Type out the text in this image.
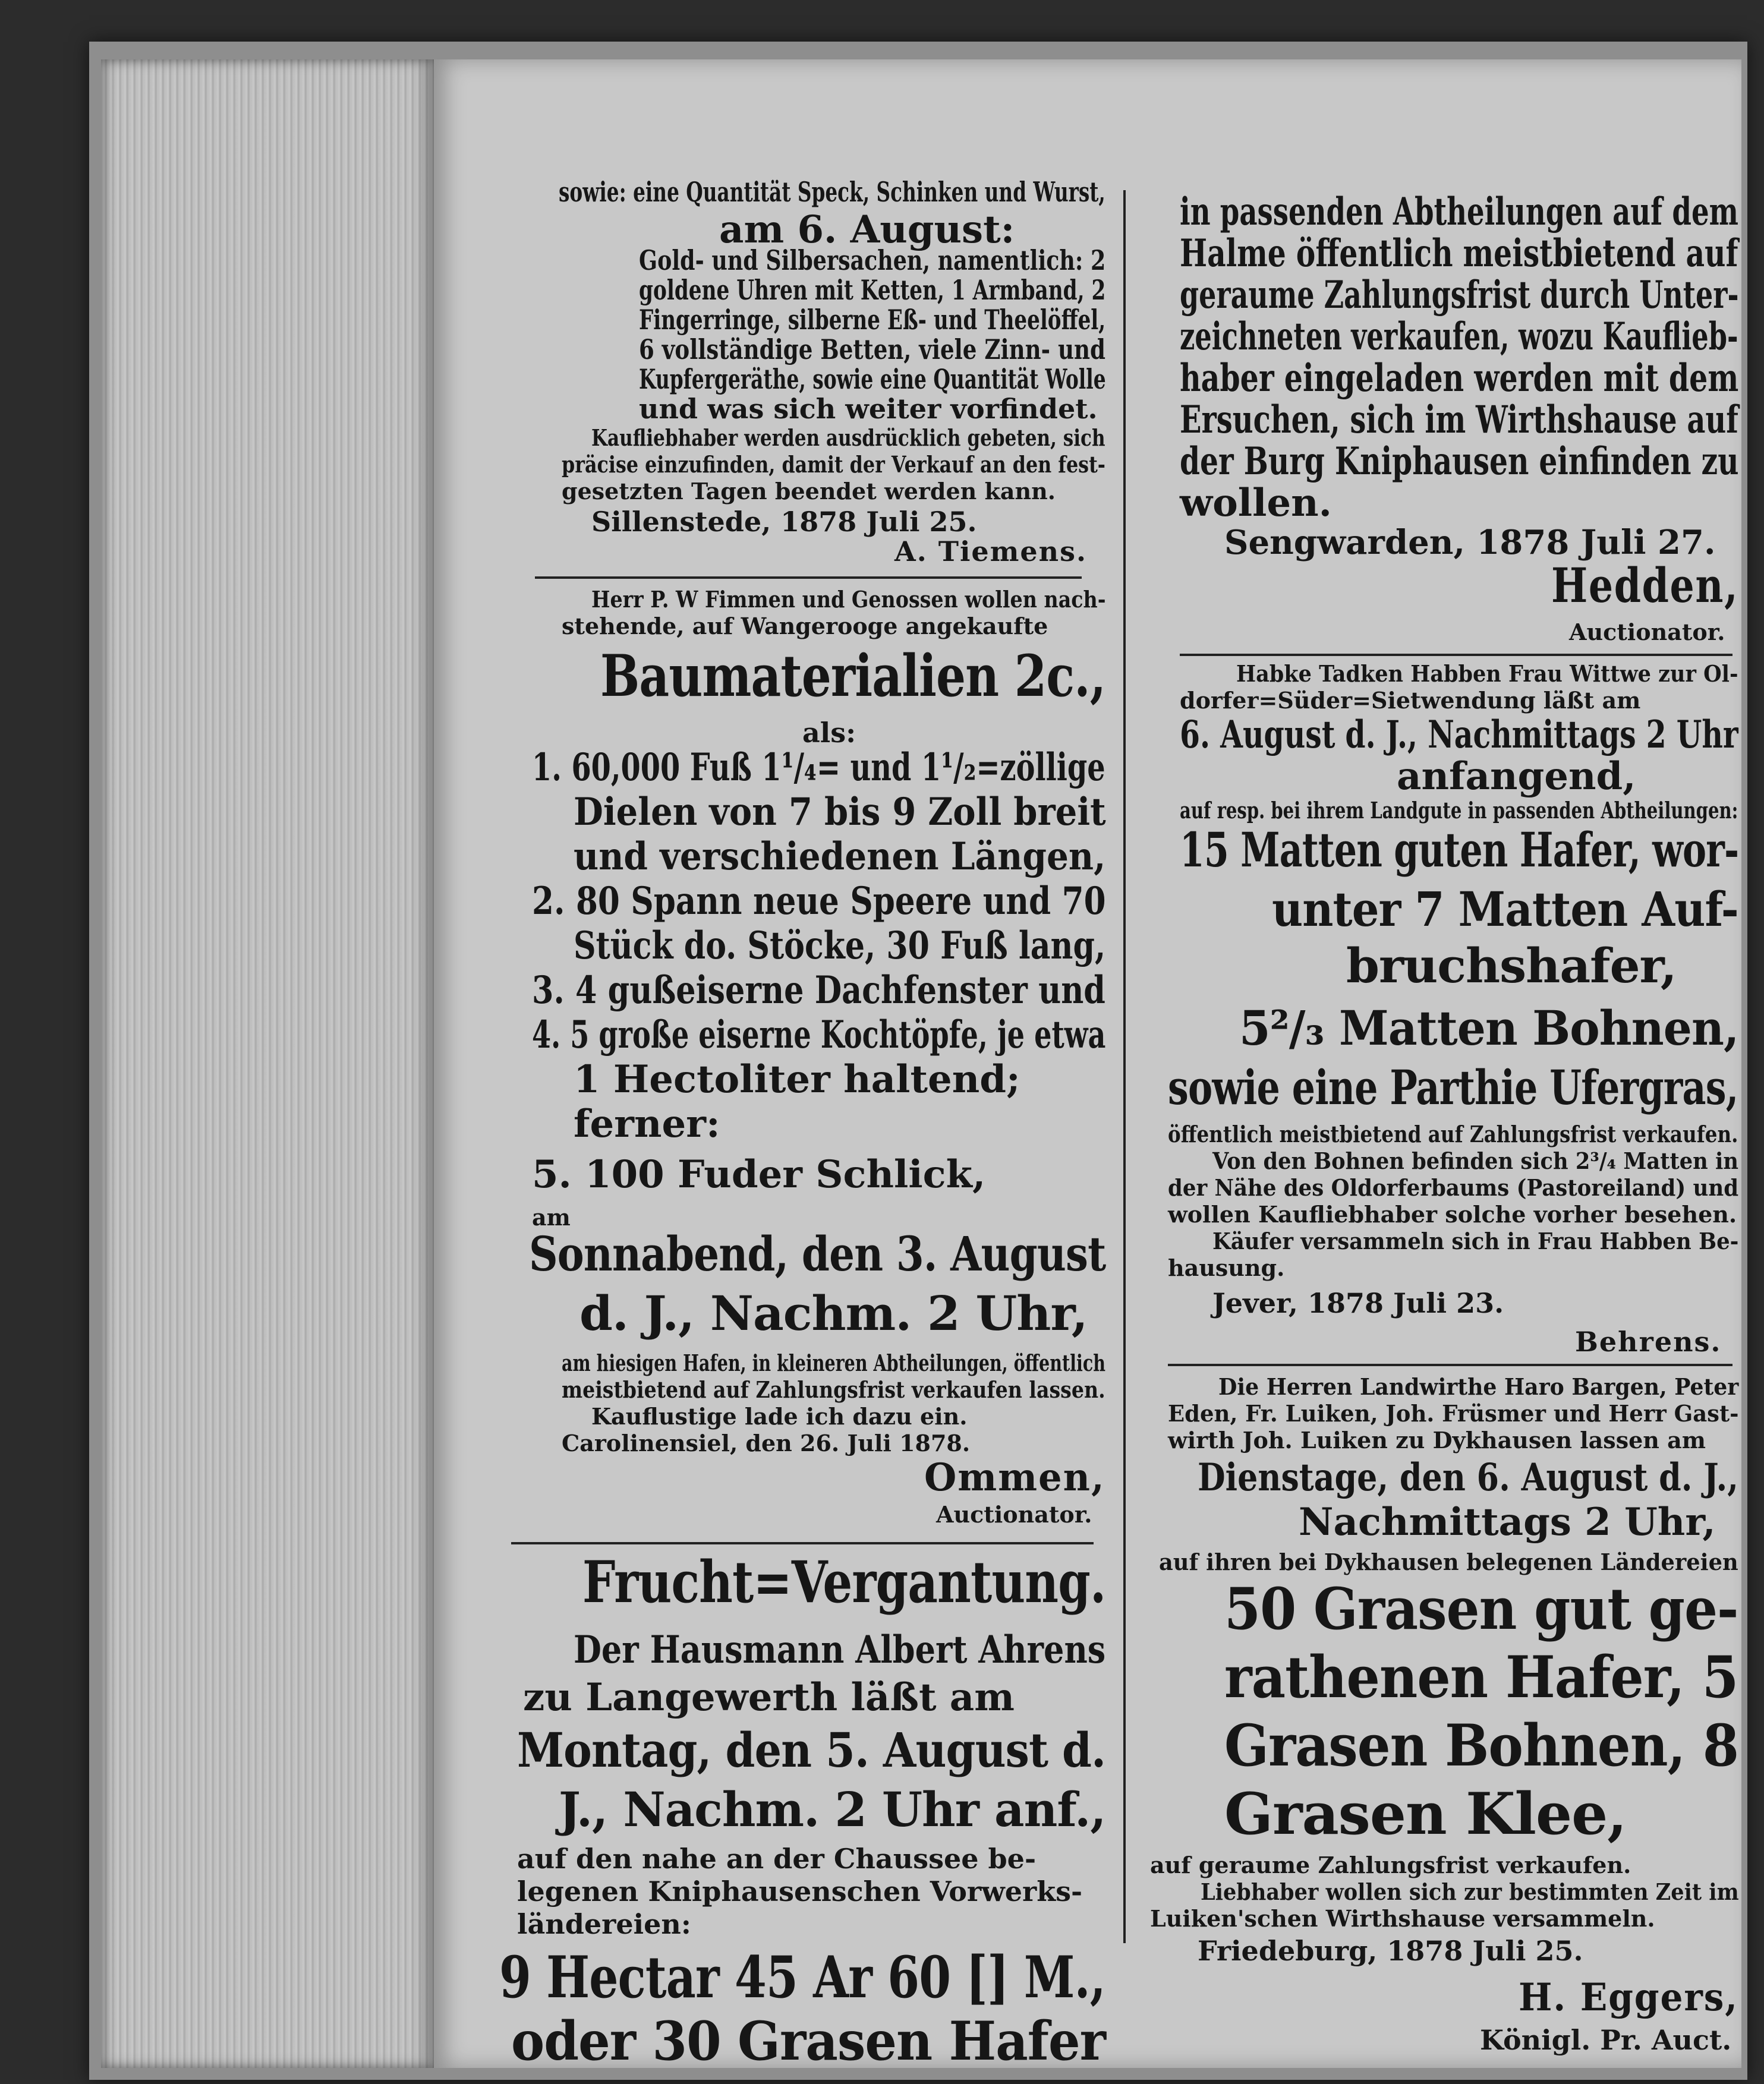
sowie: eine Quantität Speck, Schinken und Wurst,
am 6. August:
Gold- und Silbersachen, namentlich: 2
goldene Uhren mit Ketten, 1 Armband, 2
Fingerringe, silberne Eß- und Theelöffel,
6 vollständige Betten, viele Zinn- und
Kupfergeräthe, sowie eine Quantität Wolle
und was sich weiter vorfindet.
Kaufliebhaber werden ausdrücklich gebeten, sich
präcise einzufinden, damit der Verkauf an den fest-
gesetzten Tagen beendet werden kann.
Sillenstede, 1878 Juli 25.
A. Tiemens.
Herr P. W Fimmen und Genossen wollen nach-
stehende, auf Wangerooge angekaufte
Baumaterialien 2c.,
als:
1. 60,000 Fuß 1¹/₄= und 1¹/₂=zöllige
Dielen von 7 bis 9 Zoll breit
und verschiedenen Längen,
2. 80 Spann neue Speere und 70
Stück do. Stöcke, 30 Fuß lang,
3. 4 gußeiserne Dachfenster und
4. 5 große eiserne Kochtöpfe, je etwa
1 Hectoliter haltend;
ferner:
5. 100 Fuder Schlick,
am
Sonnabend, den 3. August
d. J., Nachm. 2 Uhr,
am hiesigen Hafen, in kleineren Abtheilungen, öffentlich
meistbietend auf Zahlungsfrist verkaufen lassen.
Kauflustige lade ich dazu ein.
Carolinensiel, den 26. Juli 1878.
Ommen,
Auctionator.
Frucht=Vergantung.
Der Hausmann Albert Ahrens
zu Langewerth läßt am
Montag, den 5. August d.
J., Nachm. 2 Uhr anf.,
auf den nahe an der Chaussee be-
legenen Kniphausenschen Vorwerks-
ländereien:
9 Hectar 45 Ar 60 [] M.,
oder 30 Grasen Hafer
in passenden Abtheilungen auf dem
Halme öffentlich meistbietend auf
geraume Zahlungsfrist durch Unter-
zeichneten verkaufen, wozu Kauflieb-
haber eingeladen werden mit dem
Ersuchen, sich im Wirthshause auf
der Burg Kniphausen einfinden zu
wollen.
Sengwarden, 1878 Juli 27.
Hedden,
Auctionator.
Habke Tadken Habben Frau Wittwe zur Ol-
dorfer=Süder=Sietwendung läßt am
6. August d. J., Nachmittags 2 Uhr
anfangend,
auf resp. bei ihrem Landgute in passenden Abtheilungen:
15 Matten guten Hafer, wor-
unter 7 Matten Auf-
bruchshafer,
5²/₃ Matten Bohnen,
sowie eine Parthie Ufergras,
öffentlich meistbietend auf Zahlungsfrist verkaufen.
Von den Bohnen befinden sich 2³/₄ Matten in
der Nähe des Oldorferbaums (Pastoreiland) und
wollen Kaufliebhaber solche vorher besehen.
Käufer versammeln sich in Frau Habben Be-
hausung.
Jever, 1878 Juli 23.
Behrens.
Die Herren Landwirthe Haro Bargen, Peter
Eden, Fr. Luiken, Joh. Früsmer und Herr Gast-
wirth Joh. Luiken zu Dykhausen lassen am
Dienstage, den 6. August d. J.,
Nachmittags 2 Uhr,
auf ihren bei Dykhausen belegenen Ländereien
50 Grasen gut ge-
rathenen Hafer, 5
Grasen Bohnen, 8
Grasen Klee,
auf geraume Zahlungsfrist verkaufen.
Liebhaber wollen sich zur bestimmten Zeit im
Luiken'schen Wirthshause versammeln.
Friedeburg, 1878 Juli 25.
H. Eggers,
Königl. Pr. Auct.
